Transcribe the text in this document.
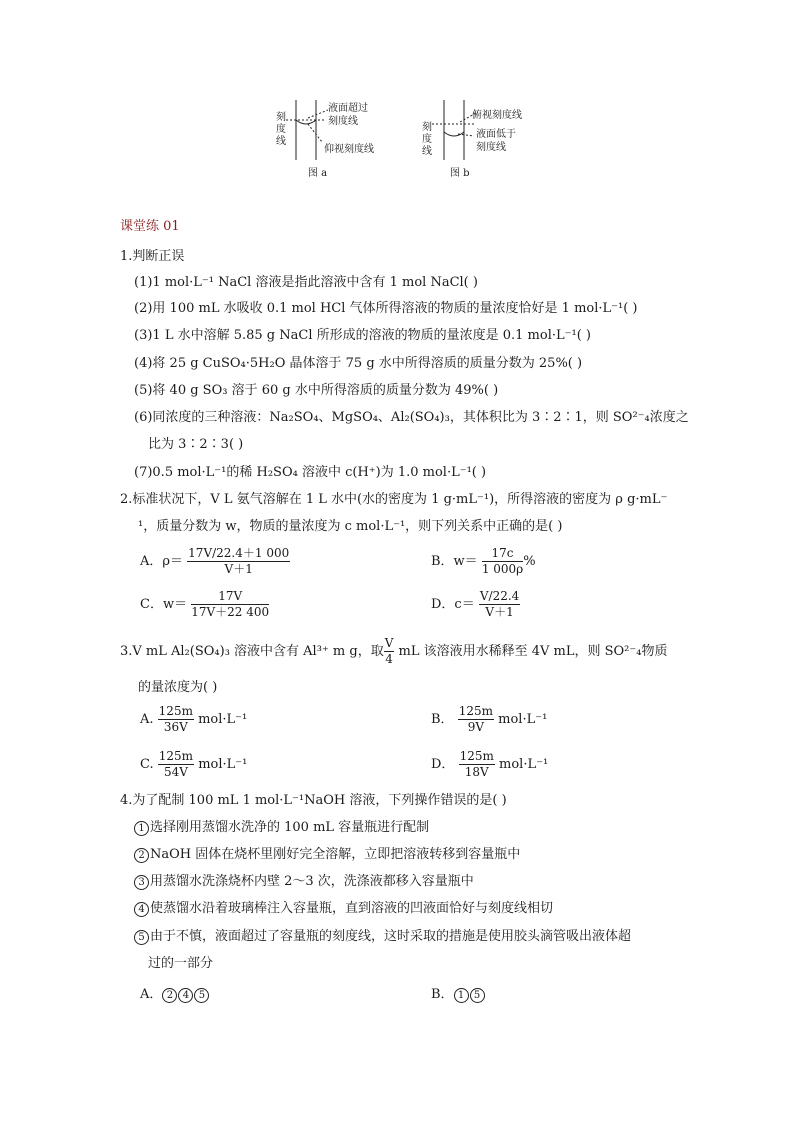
刻
度
线
液面超过
刻度线
仰视刻度线
图 a
刻
度
线
俯视刻度线
液面低于
刻度线
图 b
课堂练 01
1.判断正误
(1)1 mol·L⁻¹ NaCl 溶液是指此溶液中含有 1 mol NaCl( )
(2)用 100 mL 水吸收 0.1 mol HCl 气体所得溶液的物质的量浓度恰好是 1 mol·L⁻¹( )
(3)1 L 水中溶解 5.85 g NaCl 所形成的溶液的物质的量浓度是 0.1 mol·L⁻¹( )
(4)将 25 g CuSO₄·5H₂O 晶体溶于 75 g 水中所得溶质的质量分数为 25%( )
(5)将 40 g SO₃ 溶于 60 g 水中所得溶质的质量分数为 49%( )
(6)同浓度的三种溶液：Na₂SO₄、MgSO₄、Al₂(SO₄)₃，其体积比为 3∶2∶1，则 SO²⁻₄浓度之
比为 3∶2∶3( )
(7)0.5 mol·L⁻¹的稀 H₂SO₄ 溶液中 c(H⁺)为 1.0 mol·L⁻¹( )
2.标准状况下，V L 氨气溶解在 1 L 水中(水的密度为 1 g·mL⁻¹)，所得溶液的密度为 ρ g·mL⁻
¹，质量分数为 w，物质的量浓度为 c mol·L⁻¹，则下列关系中正确的是( )
A．$\rho= \frac{17V/22.4+1 000}{V+1}$	B．$w= \frac{17c}{1 000\rho}$ %
C．$w= \frac{17V}{17V+22 400}$	D．$c= \frac{V/22.4}{V+1}$
3.V mL Al₂(SO₄)₃ 溶液中含有 Al³⁺ m g，取 $\frac{V}{4}$ mL 该溶液用水稀释至 4V mL，则 SO²⁻₄物质
的量浓度为( )
A. $\frac{125m}{36V} mol\cdot L^{-1}$	B． $\frac{125m}{9V} mol\cdot L^{-1}$
C. $\frac{125m}{54V} mol\cdot L^{-1}$	D． $\frac{125m}{18V} mol\cdot L^{-1}$
4.为了配制 100 mL 1 mol·L⁻¹NaOH 溶液，下列操作错误的是( )
1 选择刚用蒸馏水洗净的 100 mL 容量瓶进行配制
2 NaOH 固体在烧杯里刚好完全溶解，立即把溶液转移到容量瓶中
3 用蒸馏水洗涤烧杯内壁 2～3 次，洗涤液都移入容量瓶中
4 使蒸馏水沿着玻璃棒注入容量瓶，直到溶液的凹液面恰好与刻度线相切
5 由于不慎，液面超过了容量瓶的刻度线，这时采取的措施是使用胶头滴管吸出液体超
过的一部分
A． 2 4 5	B． 1 5
